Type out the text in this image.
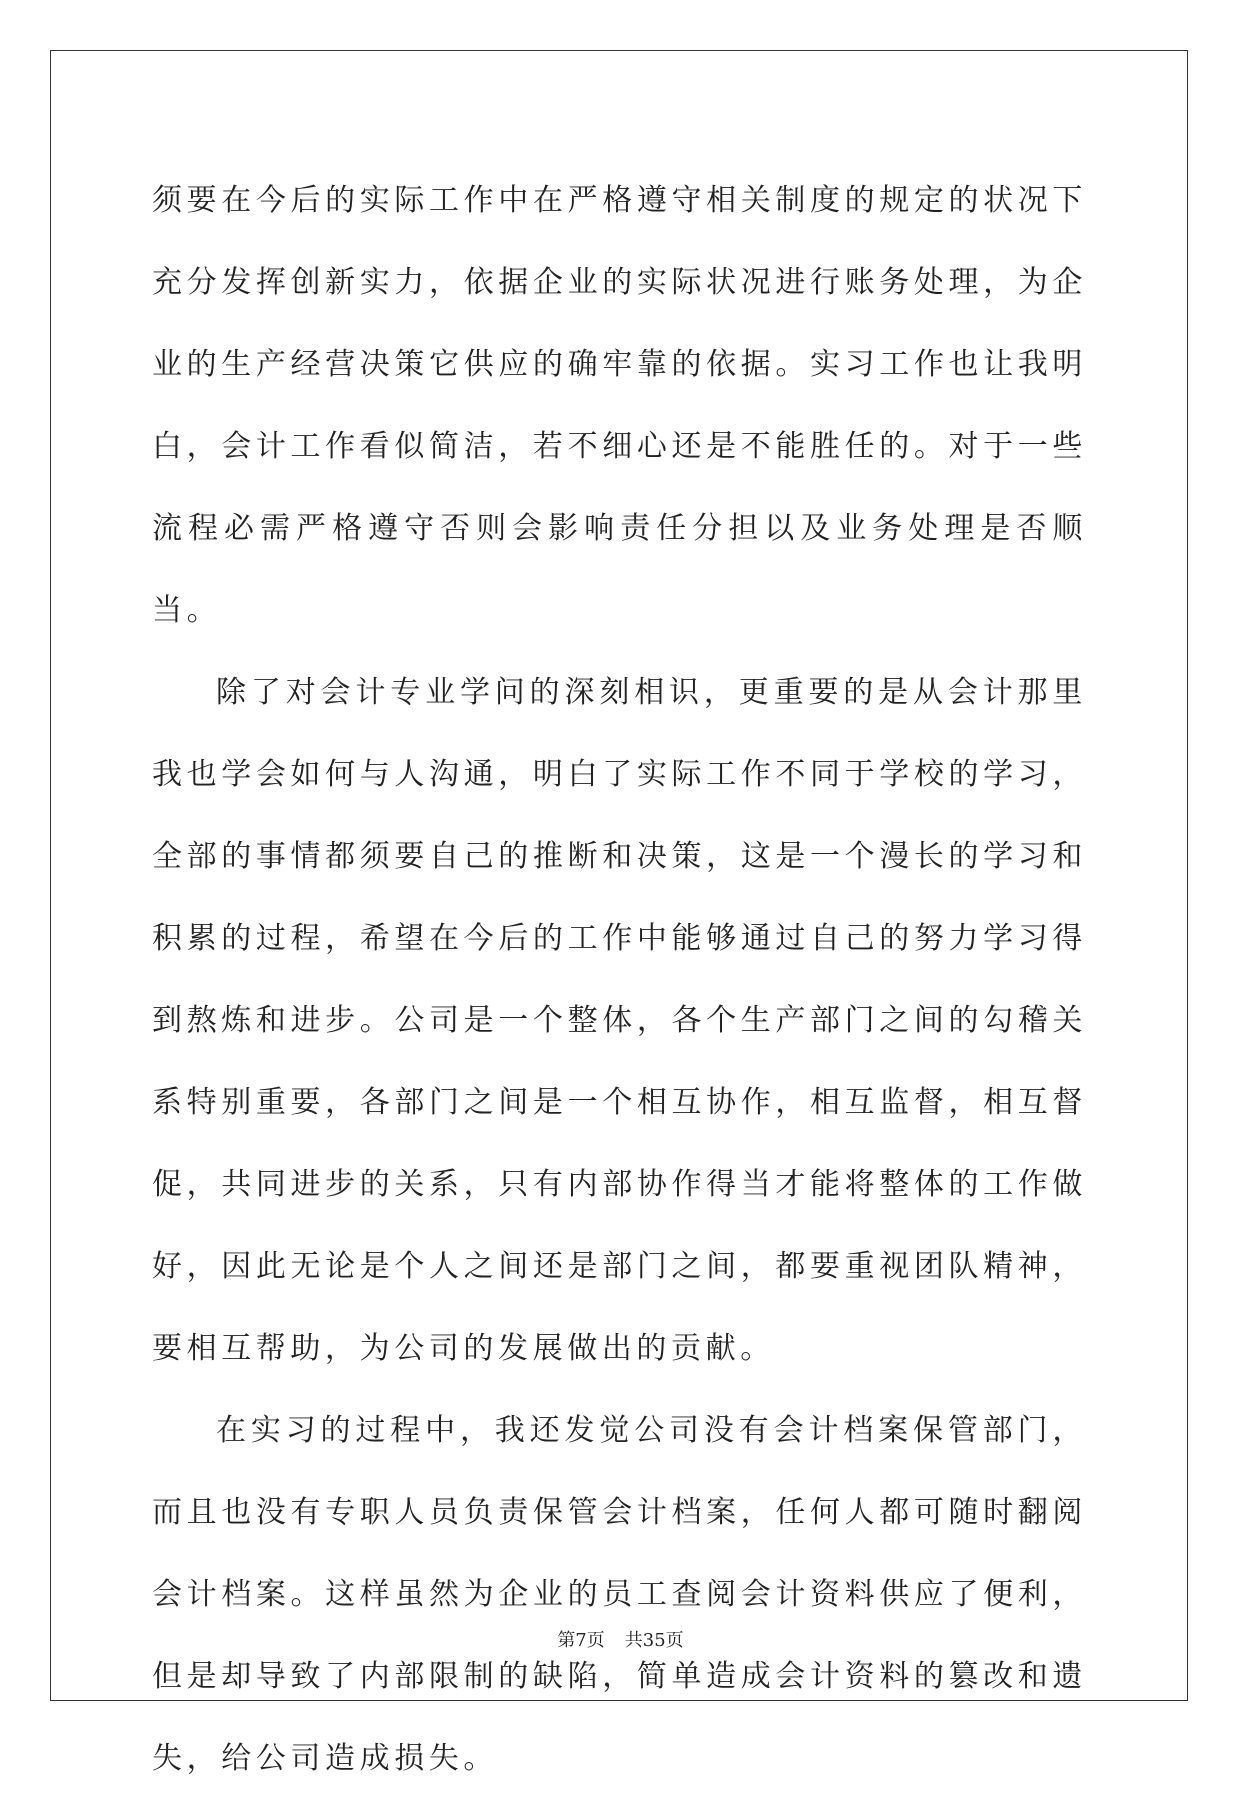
须要在今后的实际工作中在严格遵守相关制度的规定的状况下充分发挥创新实力，依据企业的实际状况进行账务处理，为企业的生产经营决策它供应的确牢靠的依据。实习工作也让我明白，会计工作看似简洁，若不细心还是不能胜任的。对于一些流程必需严格遵守否则会影响责任分担以及业务处理是否顺当。

除了对会计专业学问的深刻相识，更重要的是从会计那里我也学会如何与人沟通，明白了实际工作不同于学校的学习，全部的事情都须要自己的推断和决策，这是一个漫长的学习和积累的过程，希望在今后的工作中能够通过自己的努力学习得到熬炼和进步。公司是一个整体，各个生产部门之间的勾稽关系特别重要，各部门之间是一个相互协作，相互监督，相互督促，共同进步的关系，只有内部协作得当才能将整体的工作做好，因此无论是个人之间还是部门之间，都要重视团队精神，要相互帮助，为公司的发展做出的贡献。

在实习的过程中，我还发觉公司没有会计档案保管部门，而且也没有专职人员负责保管会计档案，任何人都可随时翻阅会计档案。这样虽然为企业的员工查阅会计资料供应了便利，但是却导致了内部限制的缺陷，简单造成会计资料的篡改和遗失，给公司造成损失。

第7页 共35页
